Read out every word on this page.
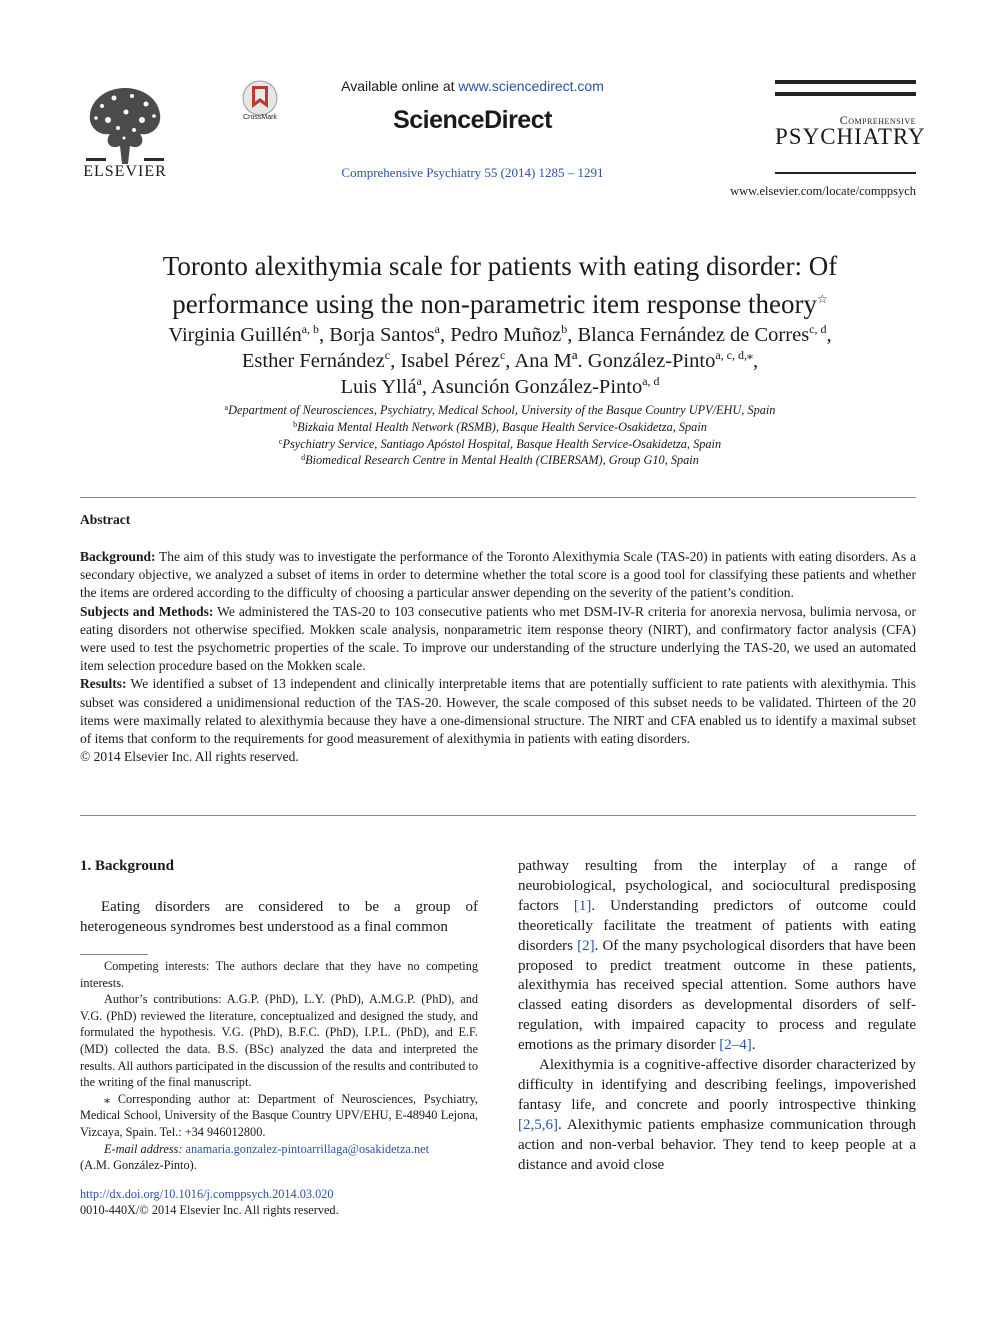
ELSEVIER
CrossMark
Available online at www.sciencedirect.com
ScienceDirect
Comprehensive Psychiatry 55 (2014) 1285 – 1291
Comprehensive
PSYCHIATRY
www.elsevier.com/locate/comppsych
Toronto alexithymia scale for patients with eating disorder: Of
performance using the non-parametric item response theory☆
Virginia Guillén$^{a, b}$, Borja Santos$^a$, Pedro Muñoz$^b$, Blanca Fernández de Corres$^{c, d}$,
Esther Fernández$^c$, Isabel Pérez$^c$, Ana Mª. González-Pinto$^{a, c, d,⁎}$,
Luis Yllá$^a$, Asunción González-Pinto$^{a, d}$
$^a$Department of Neurosciences, Psychiatry, Medical School, University of the Basque Country UPV/EHU, Spain
$^b$Bizkaia Mental Health Network (RSMB), Basque Health Service-Osakidetza, Spain
$^c$Psychiatry Service, Santiago Apóstol Hospital, Basque Health Service-Osakidetza, Spain
$^d$Biomedical Research Centre in Mental Health (CIBERSAM), Group G10, Spain
Abstract

Background: The aim of this study was to investigate the performance of the Toronto Alexithymia Scale (TAS-20) in patients with eating disorders. As a secondary objective, we analyzed a subset of items in order to determine whether the total score is a good tool for classifying these patients and whether the items are ordered according to the difficulty of choosing a particular answer depending on the severity of the patient’s condition.

Subjects and Methods: We administered the TAS-20 to 103 consecutive patients who met DSM-IV-R criteria for anorexia nervosa, bulimia nervosa, or eating disorders not otherwise specified. Mokken scale analysis, nonparametric item response theory (NIRT), and confirmatory factor analysis (CFA) were used to test the psychometric properties of the scale. To improve our understanding of the structure underlying the TAS-20, we used an automated item selection procedure based on the Mokken scale.

Results: We identified a subset of 13 independent and clinically interpretable items that are potentially sufficient to rate patients with alexithymia. This subset was considered a unidimensional reduction of the TAS-20. However, the scale composed of this subset needs to be validated. Thirteen of the 20 items were maximally related to alexithymia because they have a one-dimensional structure. The NIRT and CFA enabled us to identify a maximal subset of items that conform to the requirements for good measurement of alexithymia in patients with eating disorders.

© 2014 Elsevier Inc. All rights reserved.

1. Background

Eating disorders are considered to be a group of heterogeneous syndromes best understood as a final common

Competing interests: The authors declare that they have no competing interests.

Author’s contributions: A.G.P. (PhD), L.Y. (PhD), A.M.G.P. (PhD), and V.G. (PhD) reviewed the literature, conceptualized and designed the study, and formulated the hypothesis. V.G. (PhD), B.F.C. (PhD), I.P.L. (PhD), and E.F. (MD) collected the data. B.S. (BSc) analyzed the data and interpreted the results. All authors participated in the discussion of the results and contributed to the writing of the final manuscript.

⁎ Corresponding author at: Department of Neurosciences, Psychiatry, Medical School, University of the Basque Country UPV/EHU, E-48940 Lejona, Vizcaya, Spain. Tel.: +34 946012800.

E-mail address: anamaria.gonzalez-pintoarrillaga@osakidetza.net

(A.M. González-Pinto).

http://dx.doi.org/10.1016/j.comppsych.2014.03.020
0010-440X/© 2014 Elsevier Inc. All rights reserved.

pathway resulting from the interplay of a range of neurobiological, psychological, and sociocultural predisposing factors [1]. Understanding predictors of outcome could theoretically facilitate the treatment of patients with eating disorders [2]. Of the many psychological disorders that have been proposed to predict treatment outcome in these patients, alexithymia has received special attention. Some authors have classed eating disorders as developmental disorders of self-regulation, with impaired capacity to process and regulate emotions as the primary disorder [2–4].

Alexithymia is a cognitive-affective disorder characterized by difficulty in identifying and describing feelings, impoverished fantasy life, and concrete and poorly introspective thinking [2,5,6]. Alexithymic patients emphasize communication through action and non-verbal behavior. They tend to keep people at a distance and avoid close
